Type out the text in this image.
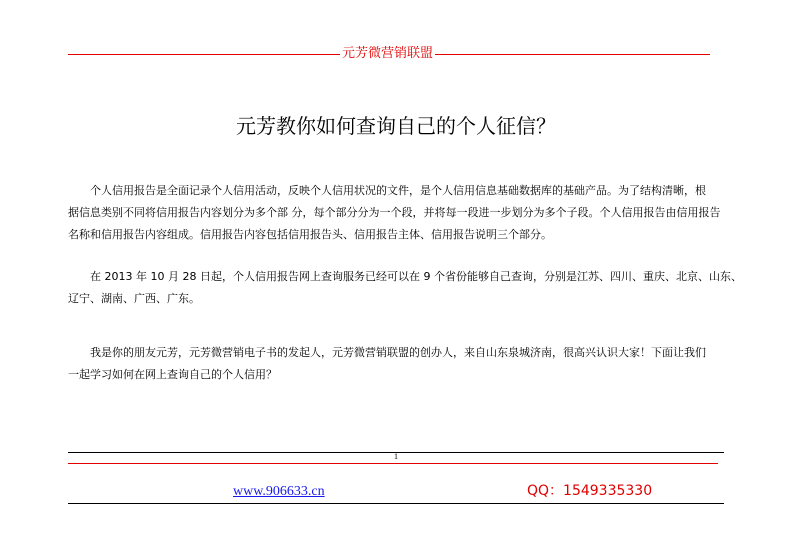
元芳微营销联盟
元芳教你如何查询自己的个人征信？

个人信用报告是全面记录个人信用活动，反映个人信用状况的文件，是个人信用信息基础数据库的基础产品。为了结构清晰，根
据信息类别不同将信用报告内容划分为多个部 分，每个部分分为一个段，并将每一段进一步划分为多个子段。个人信用报告由信用报告
名称和信用报告内容组成。信用报告内容包括信用报告头、信用报告主体、信用报告说明三个部分。

在 2013 年 10 月 28 日起，个人信用报告网上查询服务已经可以在 9 个省份能够自己查询，分别是江苏、四川、重庆、北京、山东、
辽宁、湖南、广西、广东。

我是你的朋友元芳，元芳微营销电子书的发起人，元芳微营销联盟的创办人，来自山东泉城济南，很高兴认识大家！下面让我们
一起学习如何在网上查询自己的个人信用？

1
www.906633.cn	QQ：1549335330
